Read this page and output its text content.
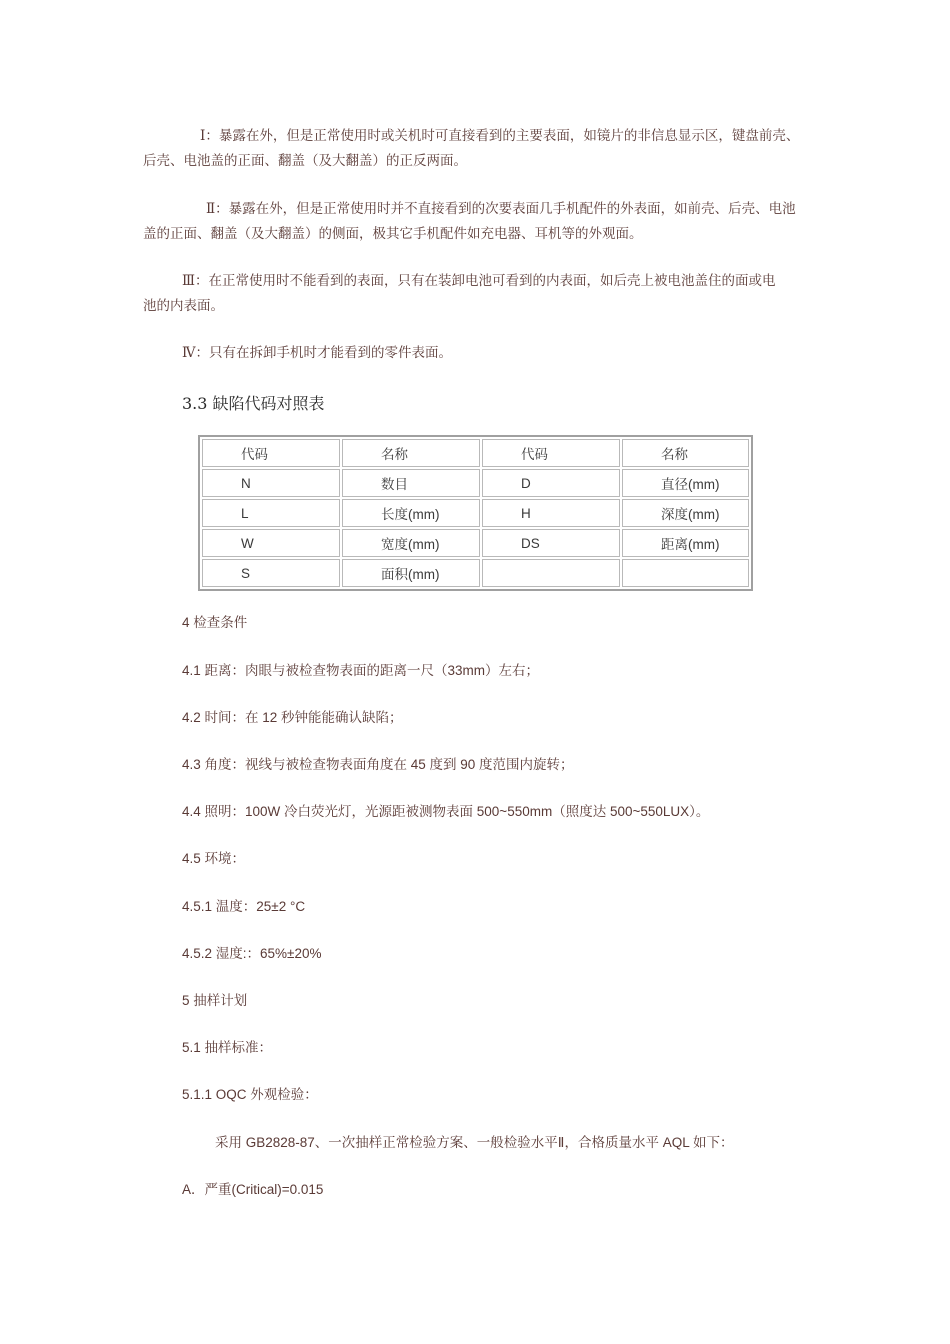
Ⅰ：暴露在外，但是正常使用时或关机时可直接看到的主要表面，如镜片的非信息显示区，键盘前壳、

后壳、电池盖的正面、翻盖（及大翻盖）的正反两面。

Ⅱ：暴露在外，但是正常使用时并不直接看到的次要表面几手机配件的外表面，如前壳、后壳、电池

盖的正面、翻盖（及大翻盖）的侧面，极其它手机配件如充电器、耳机等的外观面。

Ⅲ：在正常使用时不能看到的表面，只有在装卸电池可看到的内表面，如后壳上被电池盖住的面或电

池的内表面。

Ⅳ：只有在拆卸手机时才能看到的零件表面。

3.3 缺陷代码对照表

代码	名称	代码	名称
N	数目	D	直径(mm)
L	长度(mm)	H	深度(mm)
W	宽度(mm)	DS	距离(mm)
S	面积(mm)		

4 检查条件

4.1 距离：肉眼与被检查物表面的距离一尺（33mm）左右；

4.2 时间：在 12 秒钟能能确认缺陷；

4.3 角度：视线与被检查物表面角度在 45 度到 90 度范围内旋转；

4.4 照明：100W 冷白荧光灯，光源距被测物表面 500~550mm（照度达 500~550LUX）。

4.5 环境：

4.5.1 温度：25±2 °C

4.5.2 湿度:：65%±20%

5 抽样计划

5.1 抽样标准：

5.1.1 OQC 外观检验：

采用 GB2828-87、一次抽样正常检验方案、一般检验水平Ⅱ，合格质量水平 AQL 如下：

A．严重(Critical)=0.015
